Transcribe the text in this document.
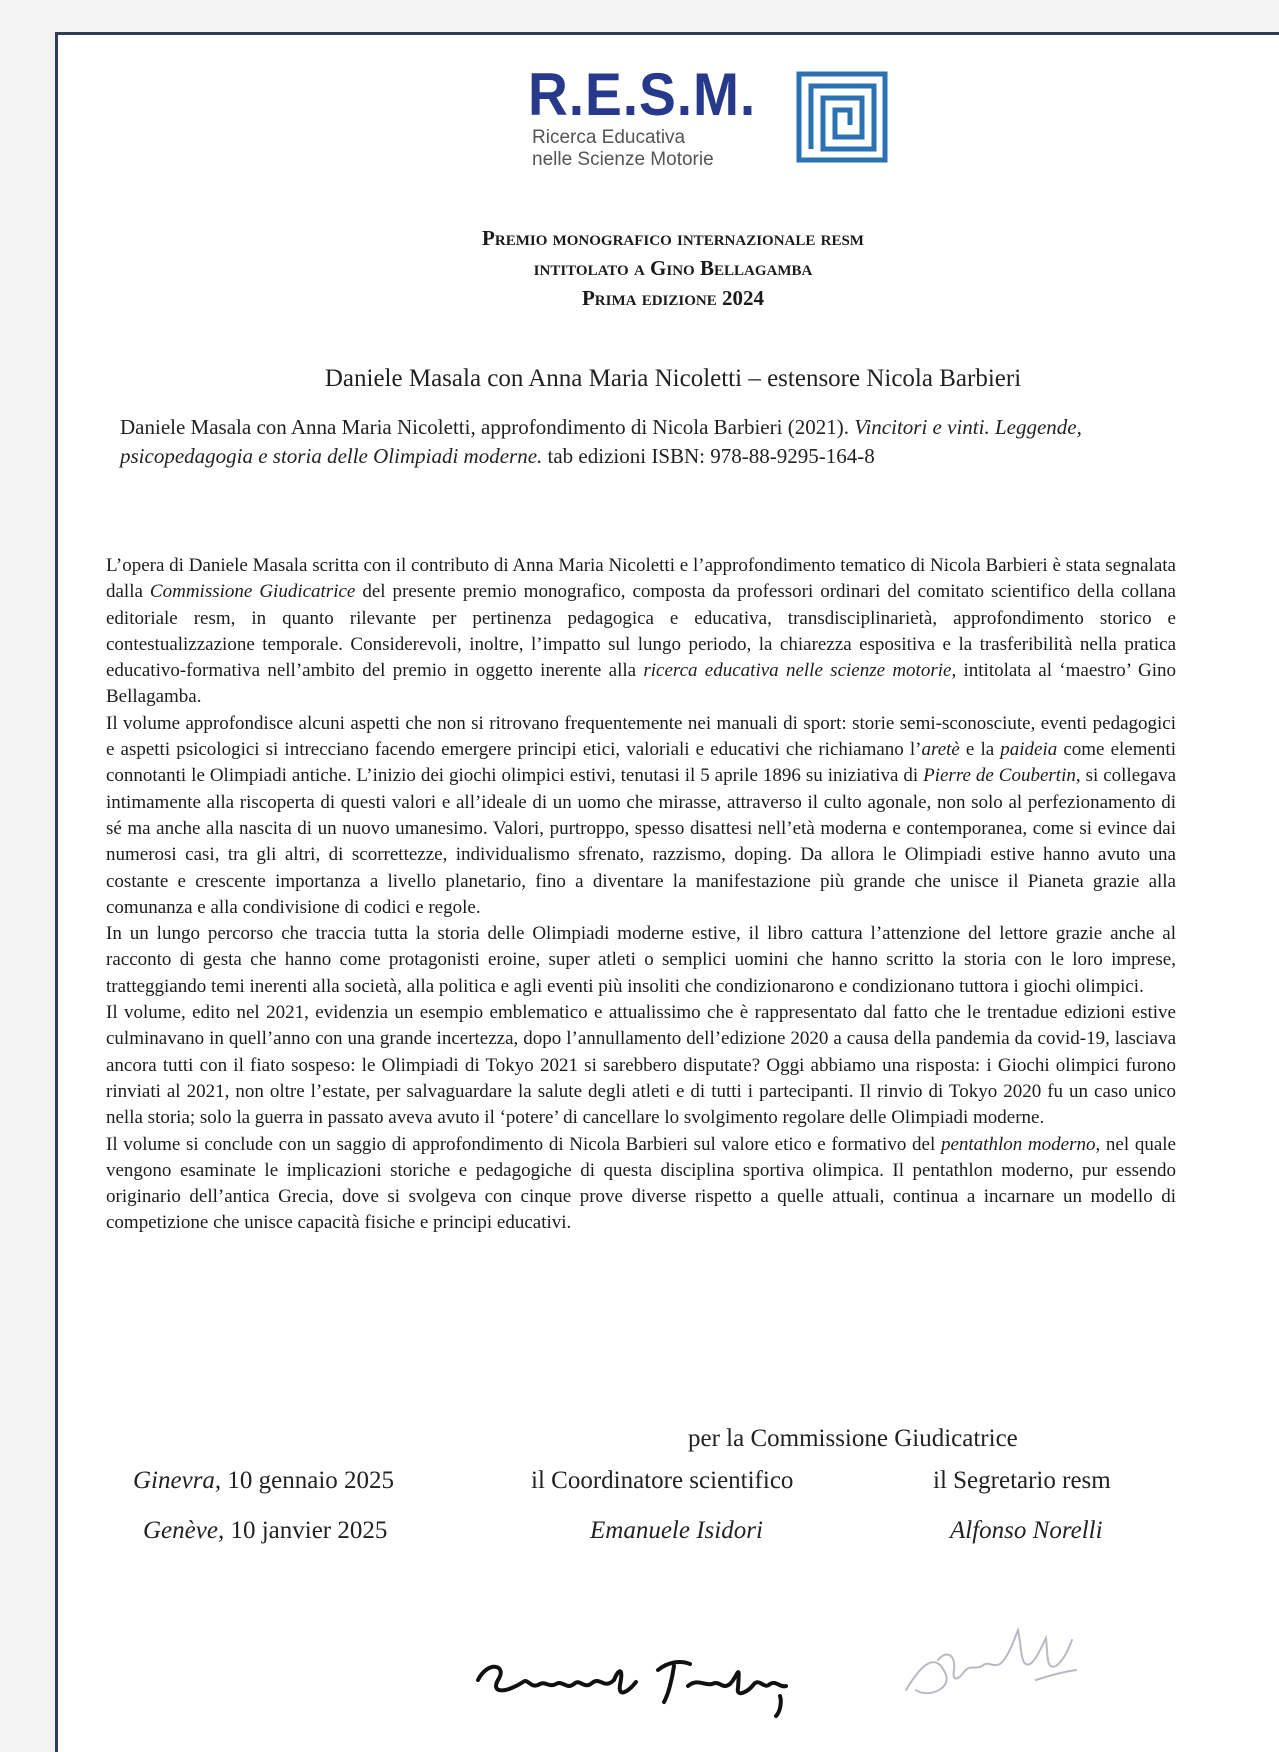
R.E.S.M.
Ricerca Educativa
nelle Scienze Motorie
Premio monografico internazionale resm
intitolato a Gino Bellagamba
Prima edizione 2024
Daniele Masala con Anna Maria Nicoletti – estensore Nicola Barbieri
Daniele Masala con Anna Maria Nicoletti, approfondimento di Nicola Barbieri (2021). Vincitori e vinti. Leggende, psicopedagogia e storia delle Olimpiadi moderne. tab edizioni ISBN: 978-88-9295-164-8

L’opera di Daniele Masala scritta con il contributo di Anna Maria Nicoletti e l’approfondimento tematico di Nicola Barbieri è stata segnalata dalla Commissione Giudicatrice del presente premio monografico, composta da professori ordinari del comitato scientifico della collana editoriale resm, in quanto rilevante per pertinenza pedagogica e educativa, transdisciplinarietà, approfondimento storico e contestualizzazione temporale. Considerevoli, inoltre, l’impatto sul lungo periodo, la chiarezza espositiva e la trasferibilità nella pratica educativo-formativa nell’ambito del premio in oggetto inerente alla ricerca educativa nelle scienze motorie, intitolata al ‘maestro’ Gino Bellagamba.

Il volume approfondisce alcuni aspetti che non si ritrovano frequentemente nei manuali di sport: storie semi-sconosciute, eventi pedagogici e aspetti psicologici si intrecciano facendo emergere principi etici, valoriali e educativi che richiamano l’aretè e la paideia come elementi connotanti le Olimpiadi antiche. L’inizio dei giochi olimpici estivi, tenutasi il 5 aprile 1896 su iniziativa di Pierre de Coubertin, si collegava intimamente alla riscoperta di questi valori e all’ideale di un uomo che mirasse, attraverso il culto agonale, non solo al perfezionamento di sé ma anche alla nascita di un nuovo umanesimo. Valori, purtroppo, spesso disattesi nell’età moderna e contemporanea, come si evince dai numerosi casi, tra gli altri, di scorrettezze, individualismo sfrenato, razzismo, doping. Da allora le Olimpiadi estive hanno avuto una costante e crescente importanza a livello planetario, fino a diventare la manifestazione più grande che unisce il Pianeta grazie alla comunanza e alla condivisione di codici e regole.

In un lungo percorso che traccia tutta la storia delle Olimpiadi moderne estive, il libro cattura l’attenzione del lettore grazie anche al racconto di gesta che hanno come protagonisti eroine, super atleti o semplici uomini che hanno scritto la storia con le loro imprese, tratteggiando temi inerenti alla società, alla politica e agli eventi più insoliti che condizionarono e condizionano tuttora i giochi olimpici.

Il volume, edito nel 2021, evidenzia un esempio emblematico e attualissimo che è rappresentato dal fatto che le trentadue edizioni estive culminavano in quell’anno con una grande incertezza, dopo l’annullamento dell’edizione 2020 a causa della pandemia da covid-19, lasciava ancora tutti con il fiato sospeso: le Olimpiadi di Tokyo 2021 si sarebbero disputate? Oggi abbiamo una risposta: i Giochi olimpici furono rinviati al 2021, non oltre l’estate, per salvaguardare la salute degli atleti e di tutti i partecipanti. Il rinvio di Tokyo 2020 fu un caso unico nella storia; solo la guerra in passato aveva avuto il ‘potere’ di cancellare lo svolgimento regolare delle Olimpiadi moderne.

Il volume si conclude con un saggio di approfondimento di Nicola Barbieri sul valore etico e formativo del pentathlon moderno, nel quale vengono esaminate le implicazioni storiche e pedagogiche di questa disciplina sportiva olimpica. Il pentathlon moderno, pur essendo originario dell’antica Grecia, dove si svolgeva con cinque prove diverse rispetto a quelle attuali, continua a incarnare un modello di competizione che unisce capacità fisiche e principi educativi.

per la Commissione Giudicatrice
Ginevra, 10 gennaio 2025
Genève, 10 janvier 2025
il Coordinatore scientifico
Emanuele Isidori
il Segretario resm
Alfonso Norelli
